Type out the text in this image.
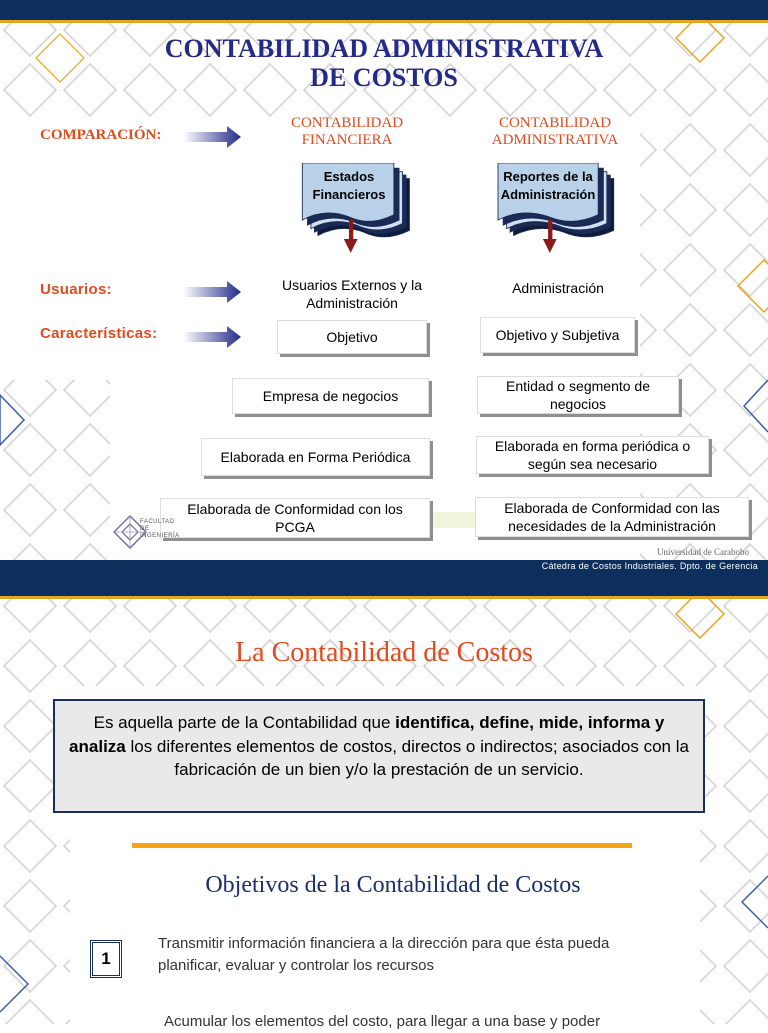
CONTABILIDAD ADMINISTRATIVA
DE COSTOS
COMPARACIÓN:
Usuarios:
Características:
CONTABILIDAD
FINANCIERA
CONTABILIDAD
ADMINISTRATIVA
Estados
Financieros
Reportes de la
Administración
Usuarios Externos y la
Administración
Administración
Objetivo
Empresa de negocios
Elaborada en Forma Periódica
Elaborada de Conformidad con los
PCGA
Objetivo y Subjetiva
Entidad o segmento de
negocios
Elaborada en forma periódica o
según sea necesario
Elaborada de Conformidad con las
necesidades de la Administración
FACULTAD
DE
INGENIERÍA
Universidad de Carabobo
Cátedra de Costos Industriales. Dpto. de Gerencia
La Contabilidad de Costos
Es aquella parte de la Contabilidad que identifica, define, mide, informa y analiza los diferentes elementos de costos, directos o indirectos; asociados con la fabricación de un bien y/o la prestación de un servicio.
Objetivos de la Contabilidad de Costos
1
Transmitir información financiera a la dirección para que ésta pueda
planificar, evaluar y controlar los recursos
Acumular los elementos del costo, para llegar a una base y poder
